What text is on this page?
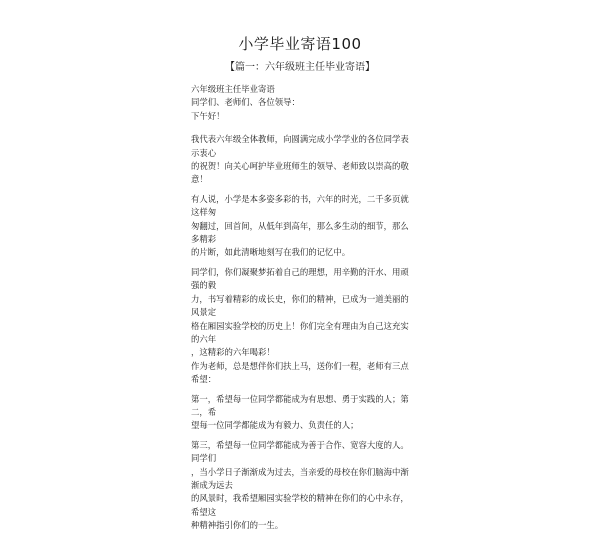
小学毕业寄语100
【篇一：六年级班主任毕业寄语】

六年级班主任毕业寄语

同学们、老师们、各位领导：

下午好！

我代表六年级全体教师，向圆满完成小学学业的各位同学表示衷心
的祝贺！向关心呵护毕业班师生的领导、老师致以崇高的敬意！

有人说，小学是本多姿多彩的书，六年的时光，二千多页就这样匆
匆翻过，回首间，从低年到高年，那么多生动的细节，那么多精彩
的片断，如此清晰地刻写在我们的记忆中。

同学们，你们凝聚梦拓着自己的理想，用辛勤的汗水、用顽强的毅
力，书写着精彩的成长史，你们的精神，已成为一道美丽的风景定
格在厢园实验学校的历史上！你们完全有理由为自己这充实的六年
，这精彩的六年喝彩！

作为老师，总是想伴你们扶上马，送你们一程，老师有三点希望：

第一，希望每一位同学都能成为有思想、勇于实践的人；第二，希
望每一位同学都能成为有毅力、负责任的人；

第三，希望每一位同学都能成为善于合作、宽容大度的人。同学们
，当小学日子渐渐成为过去，当亲爱的母校在你们脑海中渐渐成为远去
的风景时，我希望厢园实验学校的精神在你们的心中永存，希望这
种精神指引你们的一生。
